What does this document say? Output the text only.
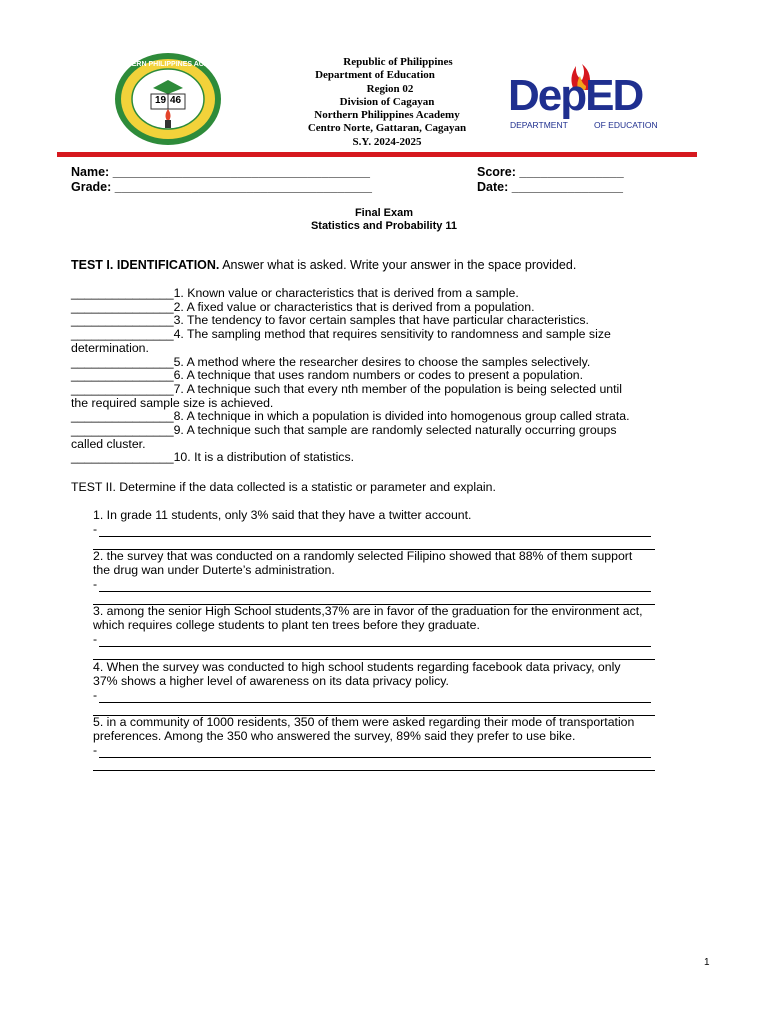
NORTHERN PHILIPPINES ACADEMY
19 46
Republic of Philippines
Department of Education
Region 02
Division of Cagayan
Northern Philippines Academy
Centro Norte, Gattaran, Cagayan
S.Y. 2024-2025
DepED
DEPARTMENT	OF EDUCATION
Name: _____________________________________	Score: _______________
Grade: _____________________________________	Date: ________________
Final Exam
Statistics and Probability 11
TEST I. IDENTIFICATION. Answer what is asked. Write your answer in the space provided.
_______________1. Known value or characteristics that is derived from a sample.
_______________2. A fixed value or characteristics that is derived from a population.
_______________3. The tendency to favor certain samples that have particular characteristics.
_______________4. The sampling method that requires sensitivity to randomness and sample size
determination.
_______________5. A method where the researcher desires to choose the samples selectively.
_______________6. A technique that uses random numbers or codes to present a population.
_______________7. A technique such that every nth member of the population is being selected until
the required sample size is achieved.
_______________8. A technique in which a population is divided into homogenous group called strata.
_______________9. A technique such that sample are randomly selected naturally occurring groups
called cluster.
_______________10. It is a distribution of statistics.
TEST II. Determine if the data collected is a statistic or parameter and explain.
1. In grade 11 students, only 3% said that they have a twitter account.
-
2. the survey that was conducted on a randomly selected Filipino showed that 88% of them support
the drug wan under Duterte’s administration.
-
3. among the senior High School students,37% are in favor of the graduation for the environment act,
which requires college students to plant ten trees before they graduate.
-
4. When the survey was conducted to high school students regarding facebook data privacy, only
37% shows a higher level of awareness on its data privacy policy.
-
5. in a community of 1000 residents, 350 of them were asked regarding their mode of transportation
preferences. Among the 350 who answered the survey, 89% said they prefer to use bike.
-
1
